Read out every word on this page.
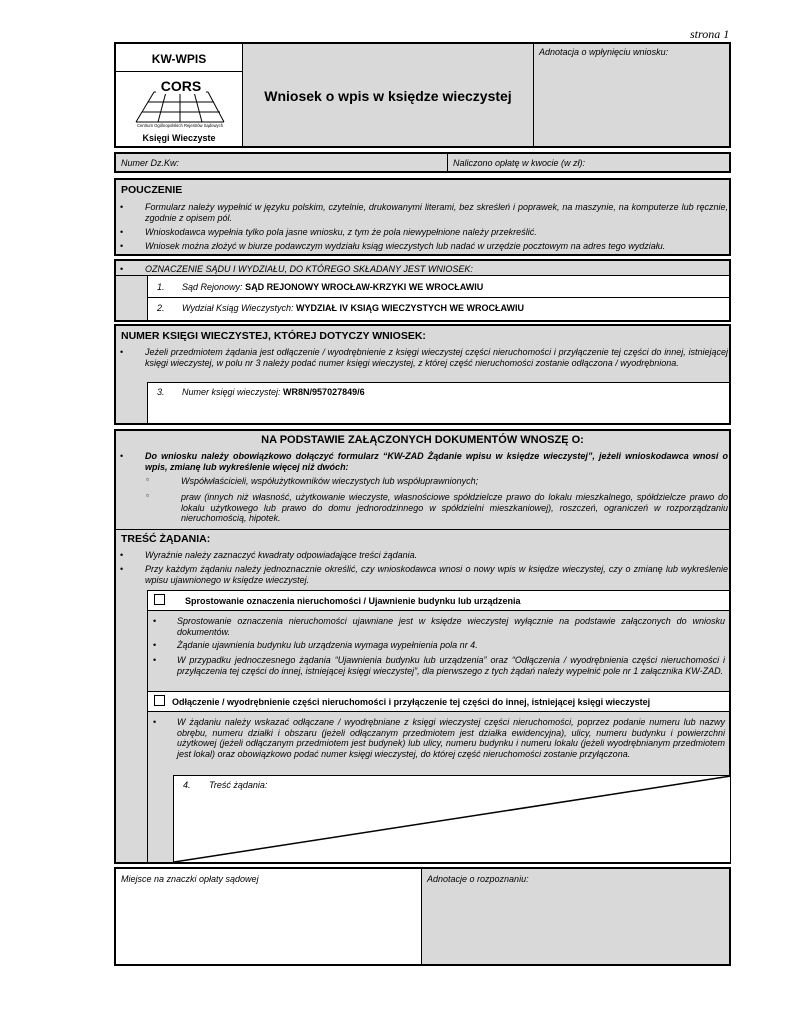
strona 1
KW-WPIS
CORS
Centrum Ogólnopolskich Rejestrów Sądowych
Księgi Wieczyste
Wniosek o wpis w księdze wieczystej
Adnotacja o wpłynięciu wniosku:
Numer Dz.Kw:	Naliczono opłatę w kwocie (w zł):
POUCZENIE
• Formularz należy wypełnić w języku polskim, czytelnie, drukowanymi literami, bez skreśleń i poprawek, na maszynie, na komputerze lub ręcznie, zgodnie z opisem pól.
• Wnioskodawca wypełnia tylko pola jasne wniosku, z tym że pola niewypełnione należy przekreślić.
• Wniosek można złożyć w biurze podawczym wydziału ksiąg wieczystych lub nadać w urzędzie pocztowym na adres tego wydziału.
• OZNACZENIE SĄDU I WYDZIAŁU, DO KTÓREGO SKŁADANY JEST WNIOSEK:
1. Sąd Rejonowy: SĄD REJONOWY WROCŁAW-KRZYKI WE WROCŁAWIU
2. Wydział Ksiąg Wieczystych: WYDZIAŁ IV KSIĄG WIECZYSTYCH WE WROCŁAWIU
NUMER KSIĘGI WIECZYSTEJ, KTÓREJ DOTYCZY WNIOSEK:
• Jeżeli przedmiotem żądania jest odłączenie / wyodrębnienie z księgi wieczystej części nieruchomości i przyłączenie tej części do innej, istniejącej księgi wieczystej, w polu nr 3 należy podać numer księgi wieczystej, z której część nieruchomości zostanie odłączona / wyodrębniona.
3. Numer księgi wieczystej: WR8N/957027849/6
NA PODSTAWIE ZAŁĄCZONYCH DOKUMENTÓW WNOSZĘ O:
• Do wniosku należy obowiązkowo dołączyć formularz “KW-ZAD Żądanie wpisu w księdze wieczystej”, jeżeli wnioskodawca wnosi o wpis, zmianę lub wykreślenie więcej niż dwóch:
▫	Współwłaścicieli, współużytkowników wieczystych lub współuprawnionych;
▫	praw (innych niż własność, użytkowanie wieczyste, własnościowe spółdzielcze prawo do lokalu mieszkalnego, spółdzielcze prawo do lokalu użytkowego lub prawo do domu jednorodzinnego w spółdzielni mieszkaniowej), roszczeń, ograniczeń w rozporządzaniu nieruchomością, hipotek.
TREŚĆ ŻĄDANIA:
• Wyraźnie należy zaznaczyć kwadraty odpowiadające treści żądania.
• Przy każdym żądaniu należy jednoznacznie określić, czy wnioskodawca wnosi o nowy wpis w księdze wieczystej, czy o zmianę lub wykreślenie wpisu ujawnionego w księdze wieczystej.
Sprostowanie oznaczenia nieruchomości / Ujawnienie budynku lub urządzenia
• Sprostowanie oznaczenia nieruchomości ujawniane jest w księdze wieczystej wyłącznie na podstawie załączonych do wniosku dokumentów.
• Żądanie ujawnienia budynku lub urządzenia wymaga wypełnienia pola nr 4.
• W przypadku jednoczesnego żądania “Ujawnienia budynku lub urządzenia” oraz “Odłączenia / wyodrębnienia części nieruchomości i przyłączenia tej części do innej, istniejącej księgi wieczystej”, dla pierwszego z tych żądań należy wypełnić pole nr 1 załącznika KW-ZAD.
Odłączenie / wyodrębnienie części nieruchomości i przyłączenie tej części do innej, istniejącej księgi wieczystej
• W żądaniu należy wskazać odłączane / wyodrębniane z księgi wieczystej części nieruchomości, poprzez podanie numeru lub nazwy obrębu, numeru działki i obszaru (jeżeli odłączanym przedmiotem jest działka ewidencyjna), ulicy, numeru budynku i powierzchni użytkowej (jeżeli odłączanym przedmiotem jest budynek) lub ulicy, numeru budynku i numeru lokalu (jeżeli wyodrębnianym przedmiotem jest lokal) oraz obowiązkowo podać numer księgi wieczystej, do której część nieruchomości zostanie przyłączona.
4. Treść żądania:
Miejsce na znaczki opłaty sądowej	Adnotacje o rozpoznaniu:
